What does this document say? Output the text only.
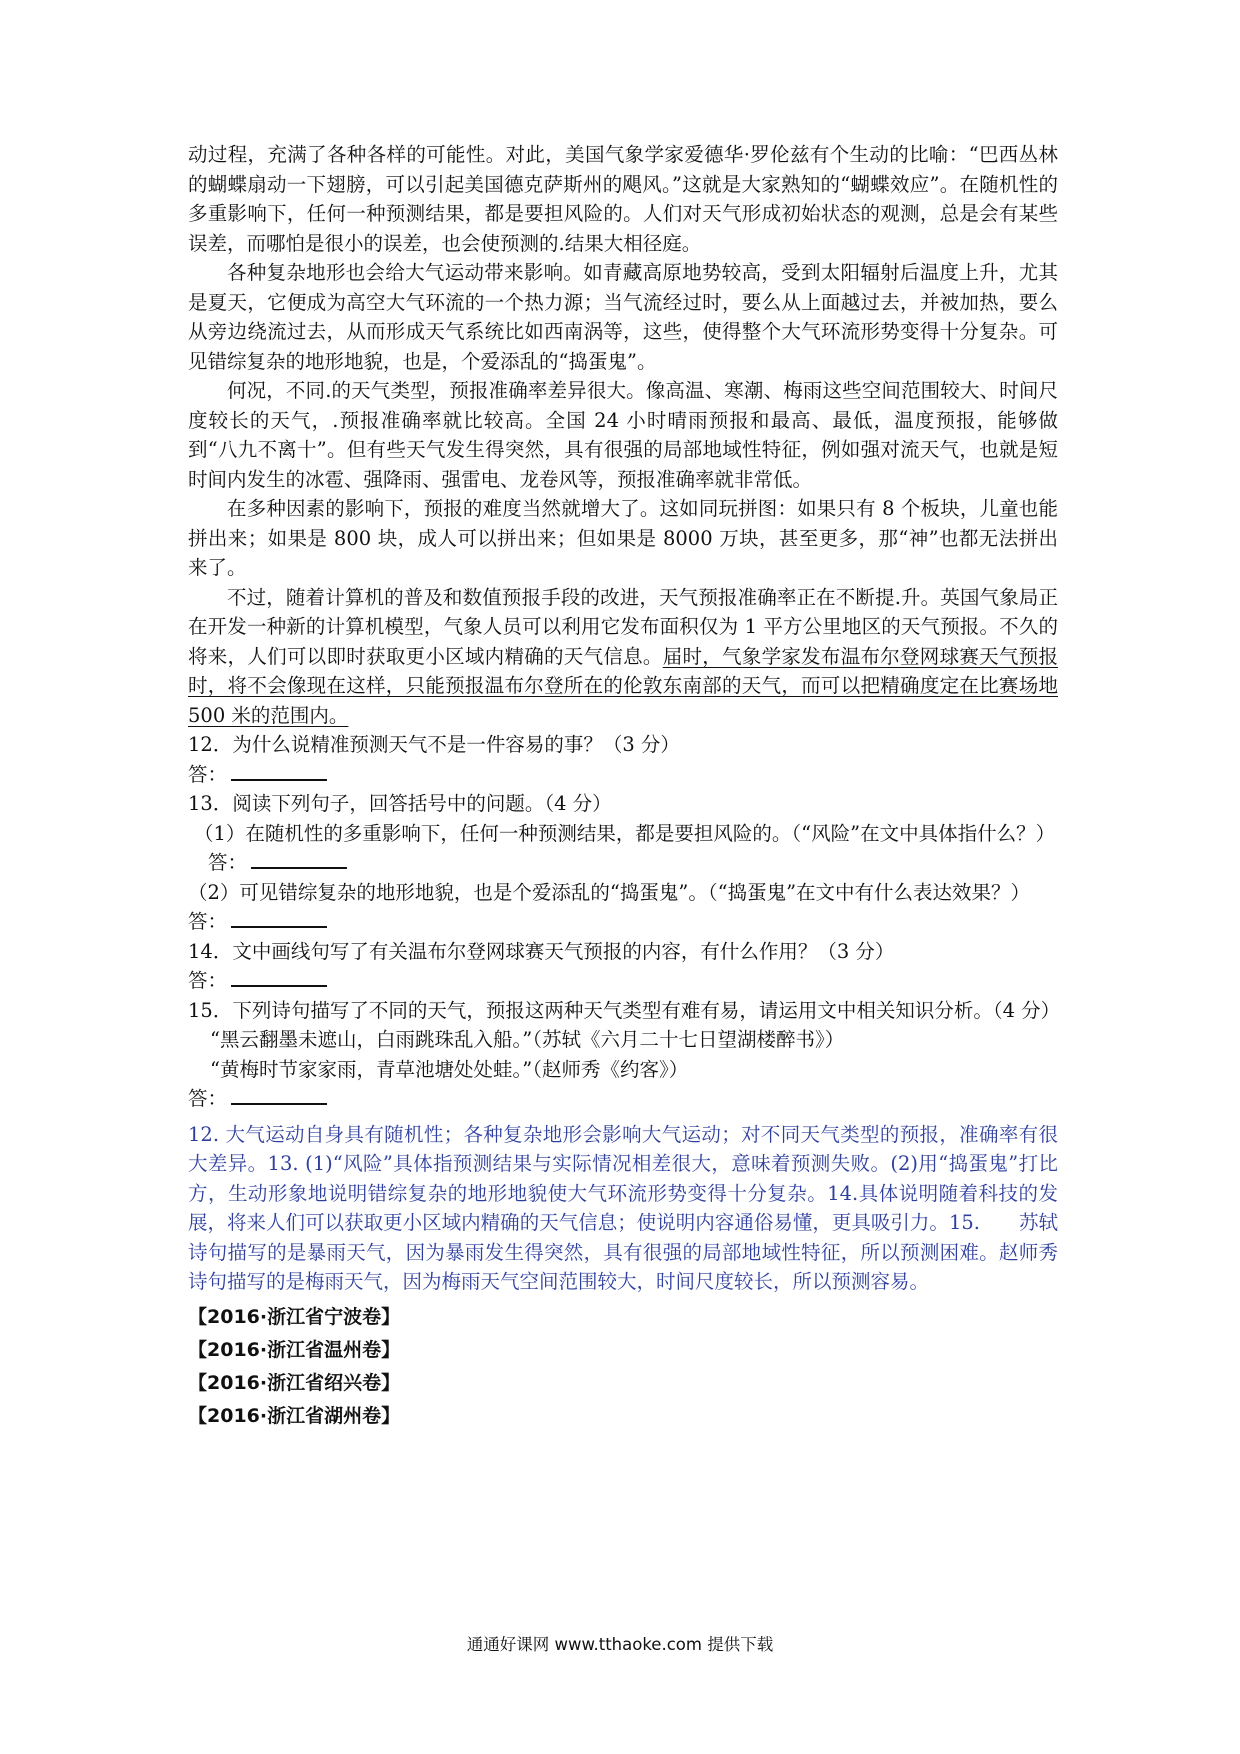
动过程，充满了各种各样的可能性。对此，美国气象学家爱德华·罗伦兹有个生动的比喻：“巴西丛林的蝴蝶扇动一下翅膀，可以引起美国德克萨斯州的飓风。”这就是大家熟知的“蝴蝶效应”。在随机性的多重影响下，任何一种预测结果，都是要担风险的。人们对天气形成初始状态的观测，总是会有某些误差，而哪怕是很小的误差，也会使预测的.结果大相径庭。

各种复杂地形也会给大气运动带来影响。如青藏高原地势较高，受到太阳辐射后温度上升，尤其是夏天，它便成为高空大气环流的一个热力源；当气流经过时，要么从上面越过去，并被加热，要么从旁边绕流过去，从而形成天气系统比如西南涡等，这些，使得整个大气环流形势变得十分复杂。可见错综复杂的地形地貌，也是，个爱添乱的“捣蛋鬼”。

何况，不同.的天气类型，预报准确率差异很大。像高温、寒潮、梅雨这些空间范围较大、时间尺度较长的天气，.预报准确率就比较高。全国 24 小时晴雨预报和最高、最低，温度预报，能够做到“八九不离十”。但有些天气发生得突然，具有很强的局部地域性特征，例如强对流天气，也就是短时间内发生的冰雹、强降雨、强雷电、龙卷风等，预报准确率就非常低。

在多种因素的影响下，预报的难度当然就增大了。这如同玩拼图：如果只有 8 个板块，儿童也能拼出来；如果是 800 块，成人可以拼出来；但如果是 8000 万块，甚至更多，那“神”也都无法拼出来了。

不过，随着计算机的普及和数值预报手段的改进，天气预报准确率正在不断提.升。英国气象局正在开发一种新的计算机模型，气象人员可以利用它发布面积仅为 1 平方公里地区的天气预报。不久的将来，人们可以即时获取更小区域内精确的天气信息。届时，气象学家发布温布尔登网球赛天气预报时，将不会像现在这样，只能预报温布尔登所在的伦敦东南部的天气，而可以把精确度定在比赛场地 500 米的范围内。

12．为什么说精准预测天气不是一件容易的事？（3 分）

答：

13．阅读下列句子，回答括号中的问题。（4 分）

（1）在随机性的多重影响下，任何一种预测结果，都是要担风险的。（“风险”在文中具体指什么？）

答：

（2）可见错综复杂的地形地貌，也是个爱添乱的“捣蛋鬼”。（“捣蛋鬼”在文中有什么表达效果？）

答：

14．文中画线句写了有关温布尔登网球赛天气预报的内容，有什么作用？（3 分）

答：

15．下列诗句描写了不同的天气，预报这两种天气类型有难有易，请运用文中相关知识分析。（4 分）

“黑云翻墨未遮山，白雨跳珠乱入船。”（苏轼《六月二十七日望湖楼醉书》）

“黄梅时节家家雨，青草池塘处处蛙。”（赵师秀《约客》）

答：

12. 大气运动自身具有随机性；各种复杂地形会影响大气运动；对不同天气类型的预报，准确率有很大差异。13. (1)“风险”具体指预测结果与实际情况相差很大，意味着预测失败。(2)用“捣蛋鬼”打比方，生动形象地说明错综复杂的地形地貌使大气环流形势变得十分复杂。14.具体说明随着科技的发展，将来人们可以获取更小区域内精确的天气信息；使说明内容通俗易懂，更具吸引力。15.　　苏轼诗句描写的是暴雨天气，因为暴雨发生得突然，具有很强的局部地域性特征，所以预测困难。赵师秀诗句描写的是梅雨天气，因为梅雨天气空间范围较大，时间尺度较长，所以预测容易。

【2016·浙江省宁波卷】

【2016·浙江省温州卷】

【2016·浙江省绍兴卷】

【2016·浙江省湖州卷】

通通好课网 www.tthaoke.com 提供下载
